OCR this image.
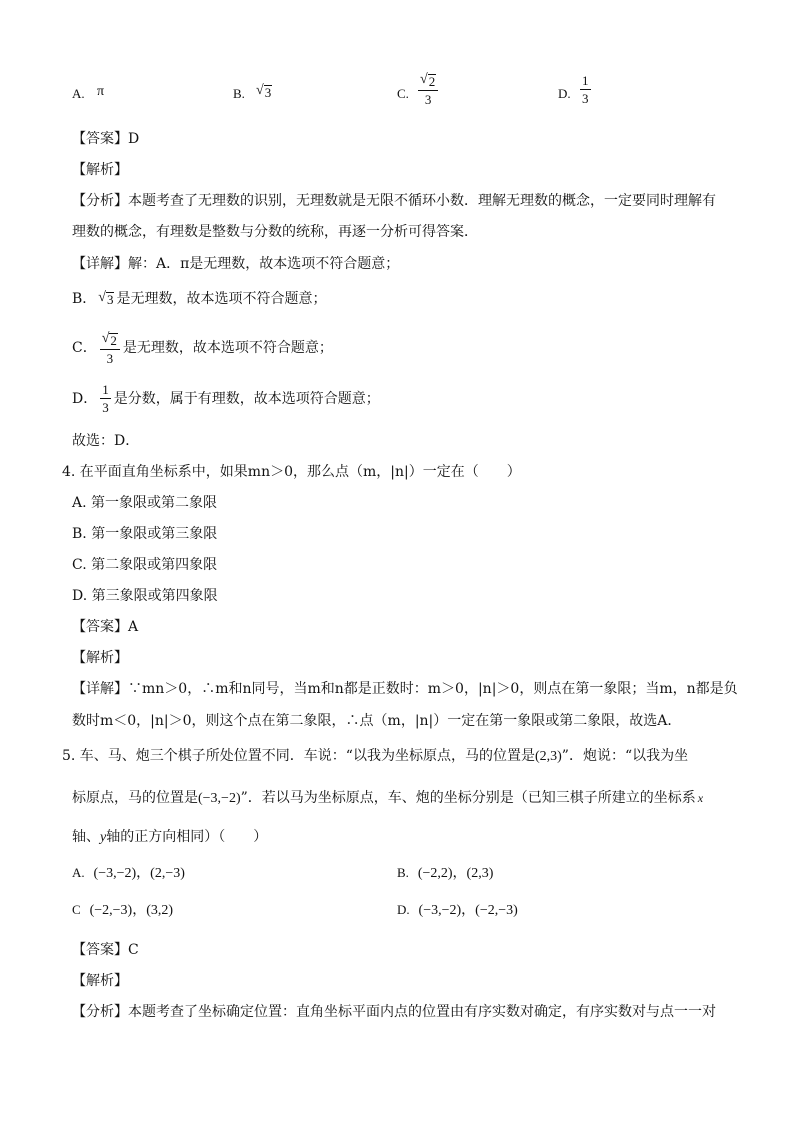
A. π	B. √ 3	C. $\frac{√ 2}{3}$	D. $\frac{1}{3}$
【答案】D
【解析】
【分析】本题考查了无理数的识别，无理数就是无限不循环小数．理解无理数的概念，一定要同时理解有
理数的概念，有理数是整数与分数的统称，再逐一分析可得答案．
【详解】解：A．π是无理数，故本选项不符合题意；
B． √ 3 是无理数，故本选项不符合题意；
C． $\frac{√ 2}{3}$ 是无理数，故本选项不符合题意；
D． $\frac{1}{3}$ 是分数，属于有理数，故本选项符合题意；
故选：D．
4. 在平面直角坐标系中，如果mn＞0，那么点（m，|n|）一定在（　　）
A. 第一象限或第二象限
B. 第一象限或第三象限
C. 第二象限或第四象限
D. 第三象限或第四象限
【答案】A
【解析】
【详解】∵mn＞0，∴m和n同号，当m和n都是正数时：m＞0，|n|＞0，则点在第一象限；当m，n都是负
数时m＜0，|n|＞0，则这个点在第二象限，∴点（m，|n|）一定在第一象限或第二象限，故选A．
5. 车、马、炮三个棋子所处位置不同．车说：“以我为坐标原点，马的位置是(2,3)”．炮说：“以我为坐
标原点，马的位置是(−3,−2)”．若以马为坐标原点，车、炮的坐标分别是（已知三棋子所建立的坐标系 x
轴、y轴的正方向相同）（　　）
A. (−3,−2)，(2,−3)	B. (−2,2)，(2,3)
C (−2,−3)，(3,2)	D. (−3,−2)，(−2,−3)
【答案】C
【解析】
【分析】本题考查了坐标确定位置：直角坐标平面内点的位置由有序实数对确定，有序实数对与点一一对
